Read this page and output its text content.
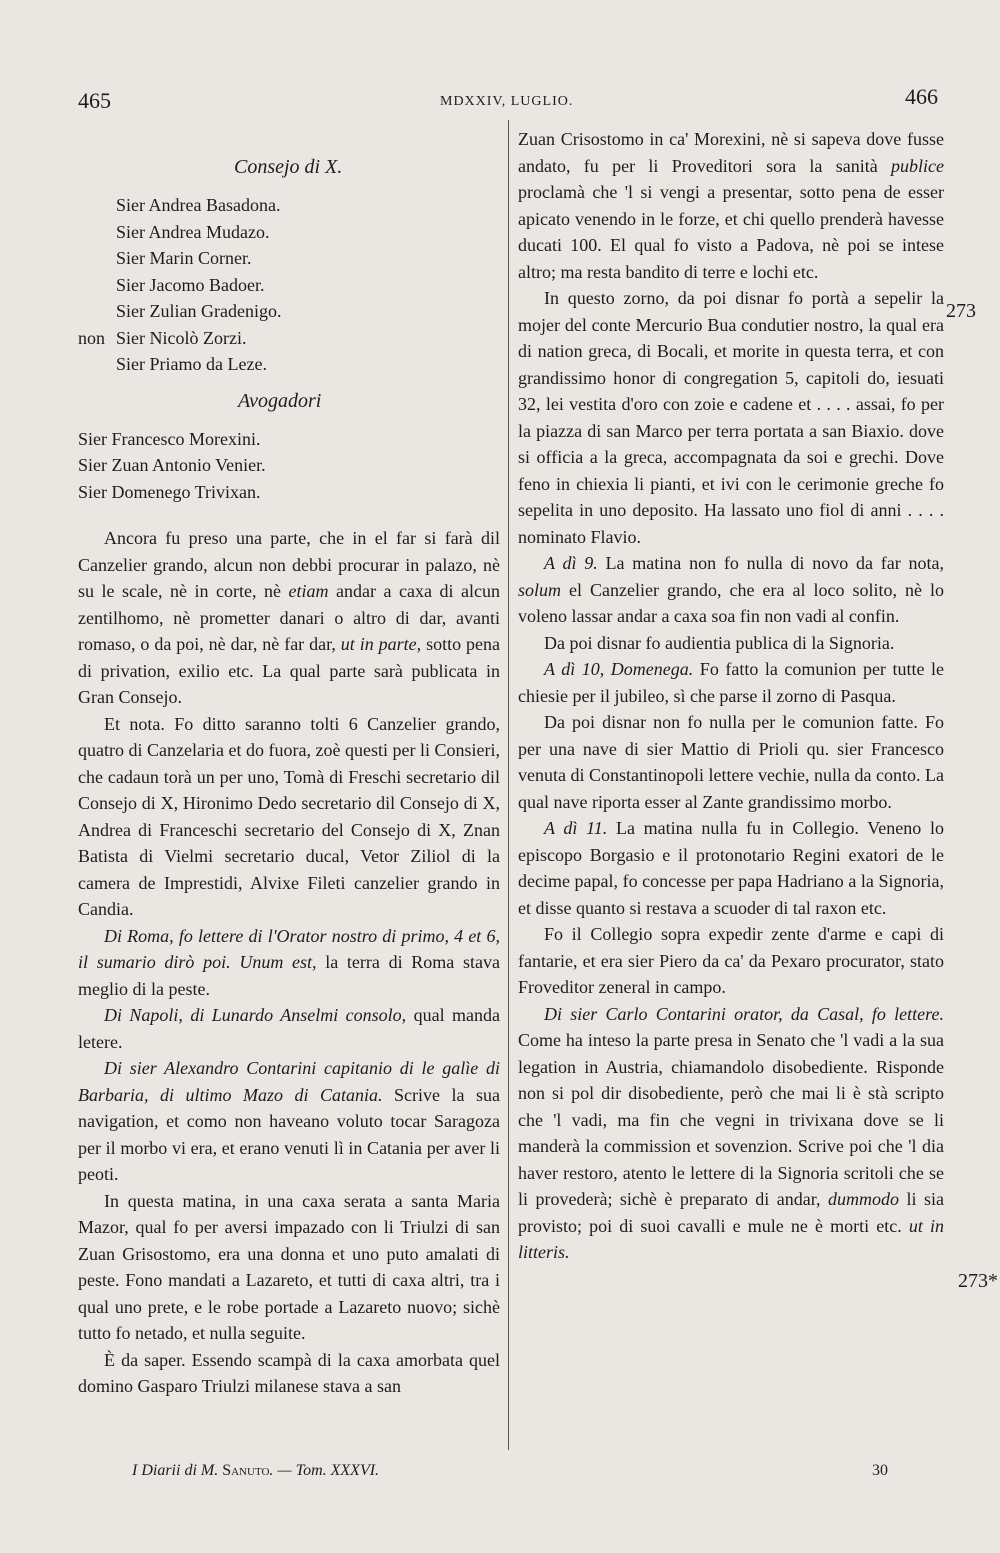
465	MDXXIV, LUGLIO.	466
Consejo di X.
Sier Andrea Basadona.
Sier Andrea Mudazo.
Sier Marin Corner.
Sier Jacomo Badoer.
Sier Zulian Gradenigo.
non Sier Nicolò Zorzi.
Sier Priamo da Leze.
Avogadori
Sier Francesco Morexini.
Sier Zuan Antonio Venier.
Sier Domenego Trivixan.

Ancora fu preso una parte, che in el far si farà dil Canzelier grando, alcun non debbi procurar in palazo, nè su le scale, nè in corte, nè etiam andar a caxa di alcun zentilhomo, nè prometter danari o altro di dar, avanti romaso, o da poi, nè dar, nè far dar, ut in parte, sotto pena di privation, exilio etc. La qual parte sarà publicata in Gran Consejo.

Et nota. Fo ditto saranno tolti 6 Canzelier grando, quatro di Canzelaria et do fuora, zoè questi per li Consieri, che cadaun torà un per uno, Tomà di Freschi secretario dil Consejo di X, Hironimo Dedo secretario dil Consejo di X, Andrea di Franceschi secretario del Consejo di X, Znan Batista di Vielmi secretario ducal, Vetor Ziliol di la camera de Imprestidi, Alvixe Fileti canzelier grando in Candia.

Di Roma, fo lettere di l'Orator nostro di primo, 4 et 6, il sumario dirò poi. Unum est, la terra di Roma stava meglio di la peste.

Di Napoli, di Lunardo Anselmi consolo, qual manda letere.

Di sier Alexandro Contarini capitanio di le galìe di Barbaria, di ultimo Mazo di Catania. Scrive la sua navigation, et como non haveano voluto tocar Saragoza per il morbo vi era, et erano venuti lì in Catania per aver li peoti.

In questa matina, in una caxa serata a santa Maria Mazor, qual fo per aversi impazado con li Triulzi di san Zuan Grisostomo, era una donna et uno puto amalati di peste. Fono mandati a Lazareto, et tutti di caxa altri, tra i qual uno prete, e le robe portade a Lazareto nuovo; sichè tutto fo netado, et nulla seguite.

È da saper. Essendo scampà di la caxa amorbata quel domino Gasparo Triulzi milanese stava a san

Zuan Crisostomo in ca' Morexini, nè si sapeva dove fusse andato, fu per li Proveditori sora la sanità publice proclamà che 'l si vengi a presentar, sotto pena de esser apicato venendo in le forze, et chi quello prenderà havesse ducati 100. El qual fo visto a Padova, nè poi se intese altro; ma resta bandito di terre e lochi etc.

In questo zorno, da poi disnar fo portà a sepelir la mojer del conte Mercurio Bua condutier nostro, la qual era di nation greca, di Bocali, et morite in questa terra, et con grandissimo honor di congregation 5, capitoli do, iesuati 32, lei vestita d'oro con zoie e cadene et . . . . assai, fo per la piazza di san Marco per terra portata a san Biaxio. dove si officia a la greca, accompagnata da soi e grechi. Dove feno in chiexia li pianti, et ivi con le cerimonie greche fo sepelita in uno deposito. Ha lassato uno fiol di anni . . . . nominato Flavio.

A dì 9. La matina non fo nulla di novo da far nota, solum el Canzelier grando, che era al loco solito, nè lo voleno lassar andar a caxa soa fin non vadi al confin.

Da poi disnar fo audientia publica di la Signoria.

A dì 10, Domenega. Fo fatto la comunion per tutte le chiesie per il jubileo, sì che parse il zorno di Pasqua.

Da poi disnar non fo nulla per le comunion fatte. Fo per una nave di sier Mattio di Prioli qu. sier Francesco venuta di Constantinopoli lettere vechie, nulla da conto. La qual nave riporta esser al Zante grandissimo morbo.

A dì 11. La matina nulla fu in Collegio. Veneno lo episcopo Borgasio e il protonotario Regini exatori de le decime papal, fo concesse per papa Hadriano a la Signoria, et disse quanto si restava a scuoder di tal raxon etc.

Fo il Collegio sopra expedir zente d'arme e capi di fantarie, et era sier Piero da ca' da Pexaro procurator, stato Froveditor zeneral in campo.

Di sier Carlo Contarini orator, da Casal, fo lettere. Come ha inteso la parte presa in Senato che 'l vadi a la sua legation in Austria, chiamandolo disobediente. Risponde non si pol dir disobediente, però che mai li è stà scripto che 'l vadi, ma fin che vegni in trivixana dove se li manderà la commission et sovenzion. Scrive poi che 'l dia haver restoro, atento le lettere di la Signoria scritoli che se li provederà; sichè è preparato di andar, dummodo li sia provisto; poi di suoi cavalli e mule ne è morti etc. ut in litteris.

273
273*
I Diarii di M. Sanuto. — Tom. XXXVI.	30
